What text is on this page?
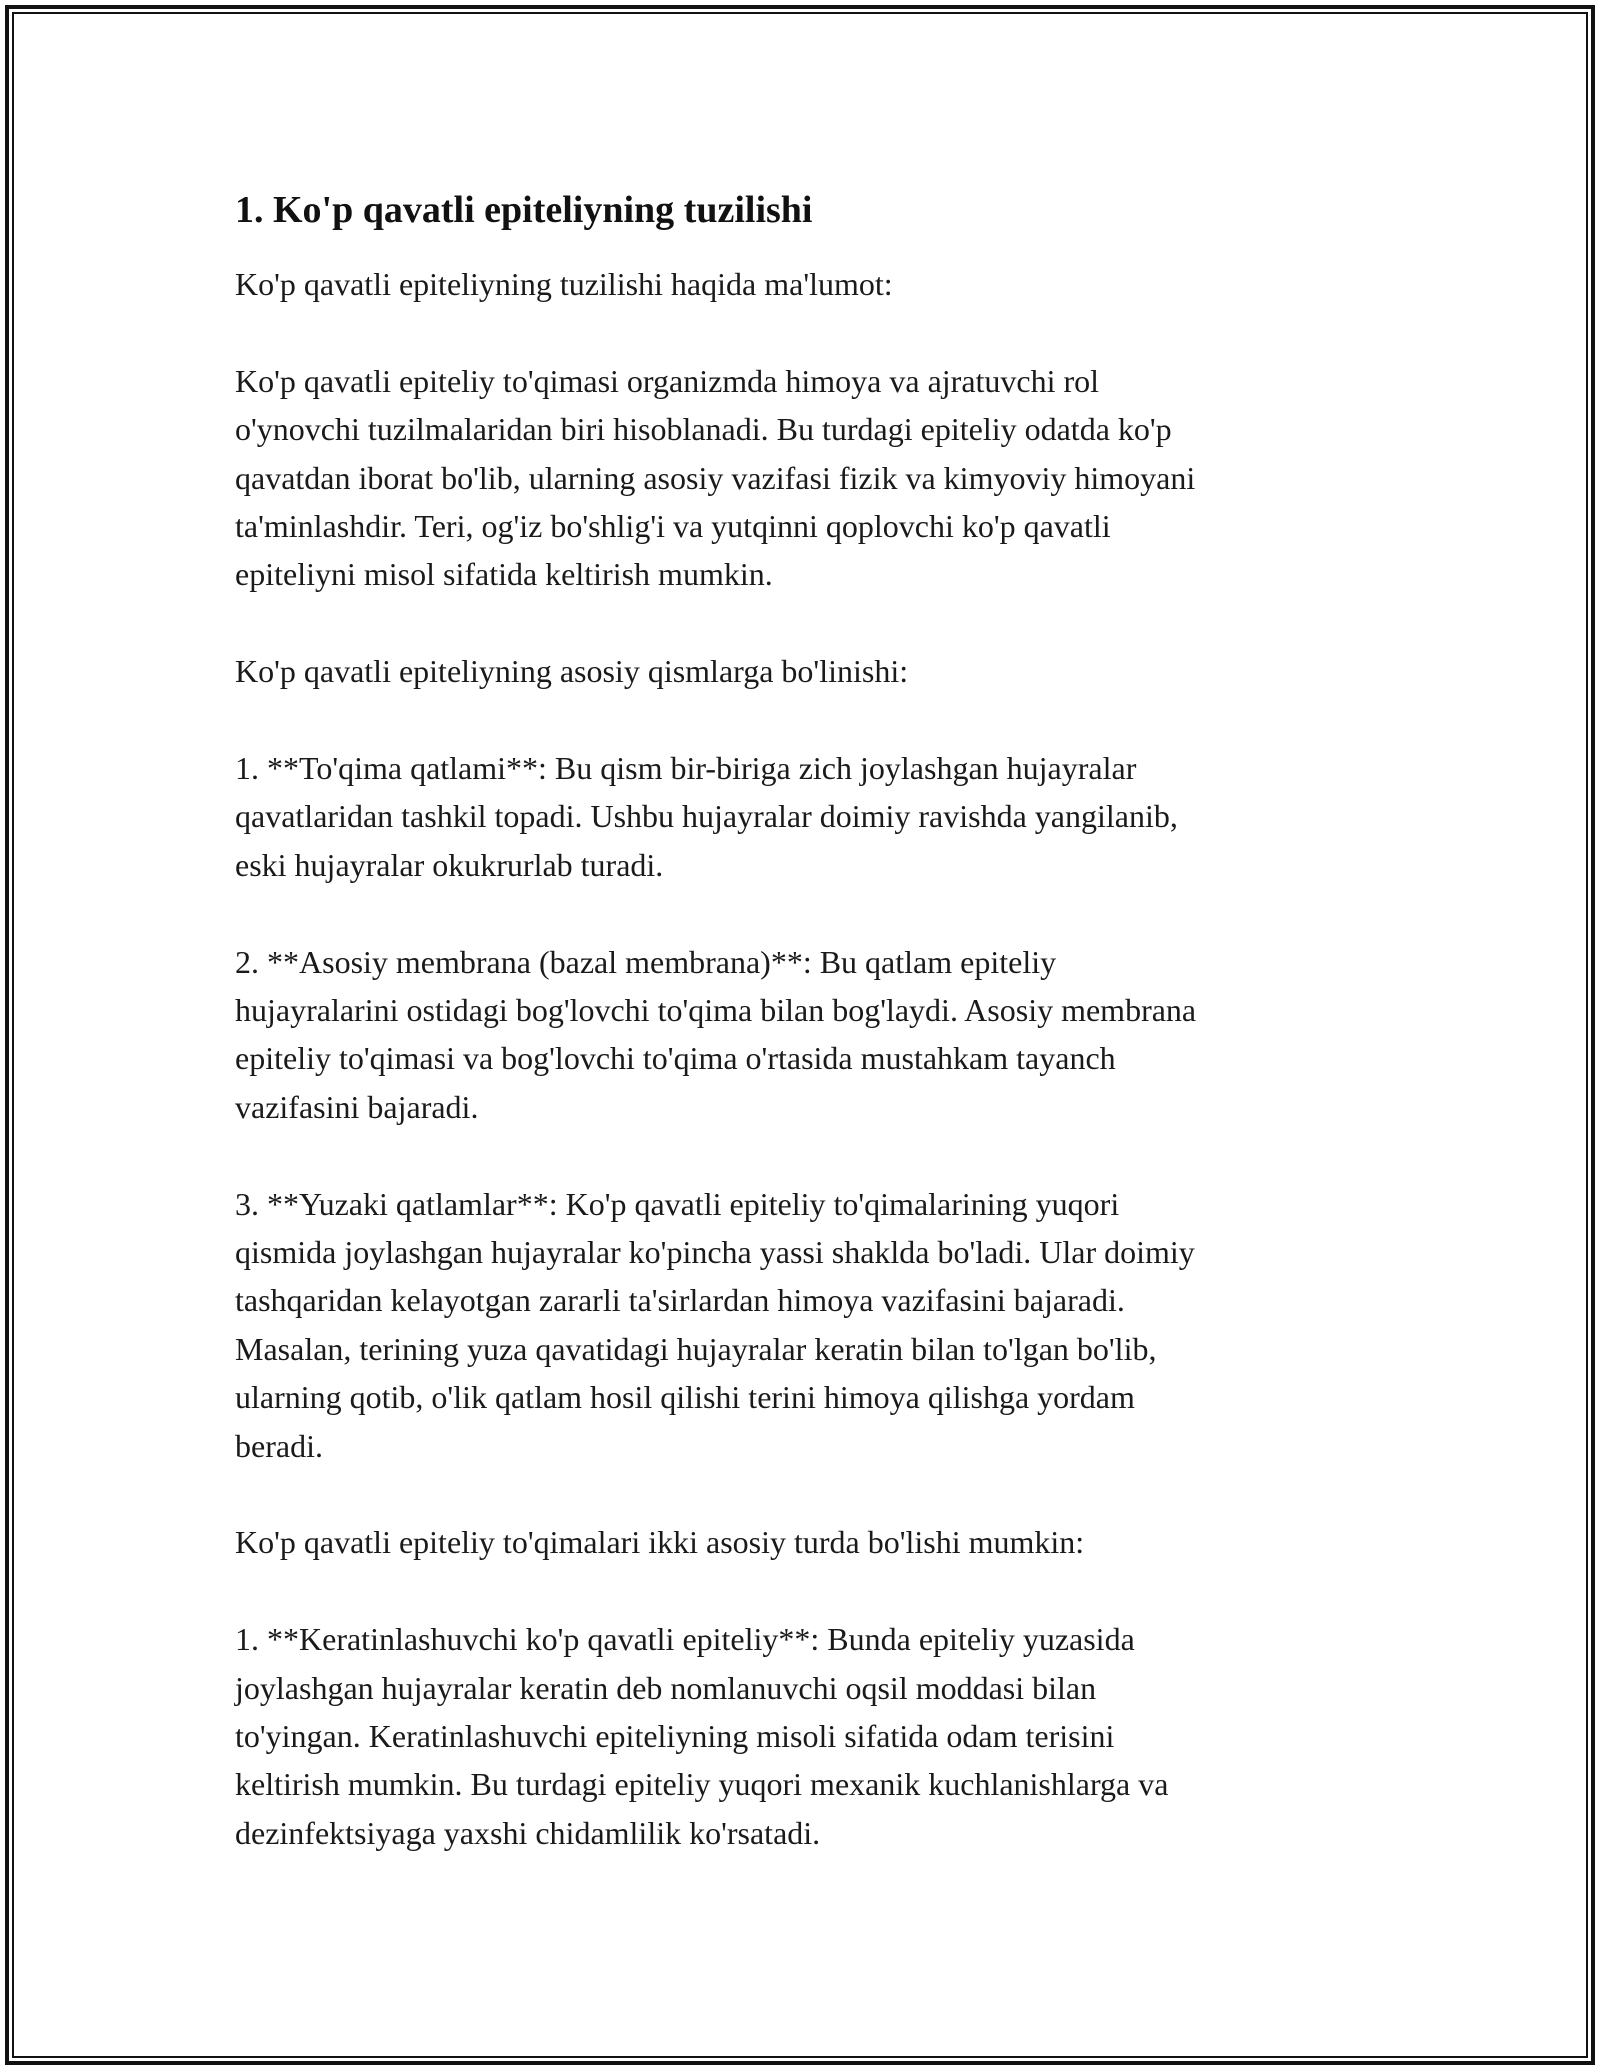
1. Ko'p qavatli epiteliyning tuzilishi

Ko'p qavatli epiteliyning tuzilishi haqida ma'lumot:

Ko'p qavatli epiteliy to'qimasi organizmda himoya va ajratuvchi rol
o'ynovchi tuzilmalaridan biri hisoblanadi. Bu turdagi epiteliy odatda ko'p
qavatdan iborat bo'lib, ularning asosiy vazifasi fizik va kimyoviy himoyani
ta'minlashdir. Teri, og'iz bo'shlig'i va yutqinni qoplovchi ko'p qavatli
epiteliyni misol sifatida keltirish mumkin.

Ko'p qavatli epiteliyning asosiy qismlarga bo'linishi:

1. **To'qima qatlami**: Bu qism bir-biriga zich joylashgan hujayralar
qavatlaridan tashkil topadi. Ushbu hujayralar doimiy ravishda yangilanib,
eski hujayralar okukrurlab turadi.

2. **Asosiy membrana (bazal membrana)**: Bu qatlam epiteliy
hujayralarini ostidagi bog'lovchi to'qima bilan bog'laydi. Asosiy membrana
epiteliy to'qimasi va bog'lovchi to'qima o'rtasida mustahkam tayanch
vazifasini bajaradi.

3. **Yuzaki qatlamlar**: Ko'p qavatli epiteliy to'qimalarining yuqori
qismida joylashgan hujayralar ko'pincha yassi shaklda bo'ladi. Ular doimiy
tashqaridan kelayotgan zararli ta'sirlardan himoya vazifasini bajaradi.
Masalan, terining yuza qavatidagi hujayralar keratin bilan to'lgan bo'lib,
ularning qotib, o'lik qatlam hosil qilishi terini himoya qilishga yordam
beradi.

Ko'p qavatli epiteliy to'qimalari ikki asosiy turda bo'lishi mumkin:

1. **Keratinlashuvchi ko'p qavatli epiteliy**: Bunda epiteliy yuzasida
joylashgan hujayralar keratin deb nomlanuvchi oqsil moddasi bilan
to'yingan. Keratinlashuvchi epiteliyning misoli sifatida odam terisini
keltirish mumkin. Bu turdagi epiteliy yuqori mexanik kuchlanishlarga va
dezinfektsiyaga yaxshi chidamlilik ko'rsatadi.
